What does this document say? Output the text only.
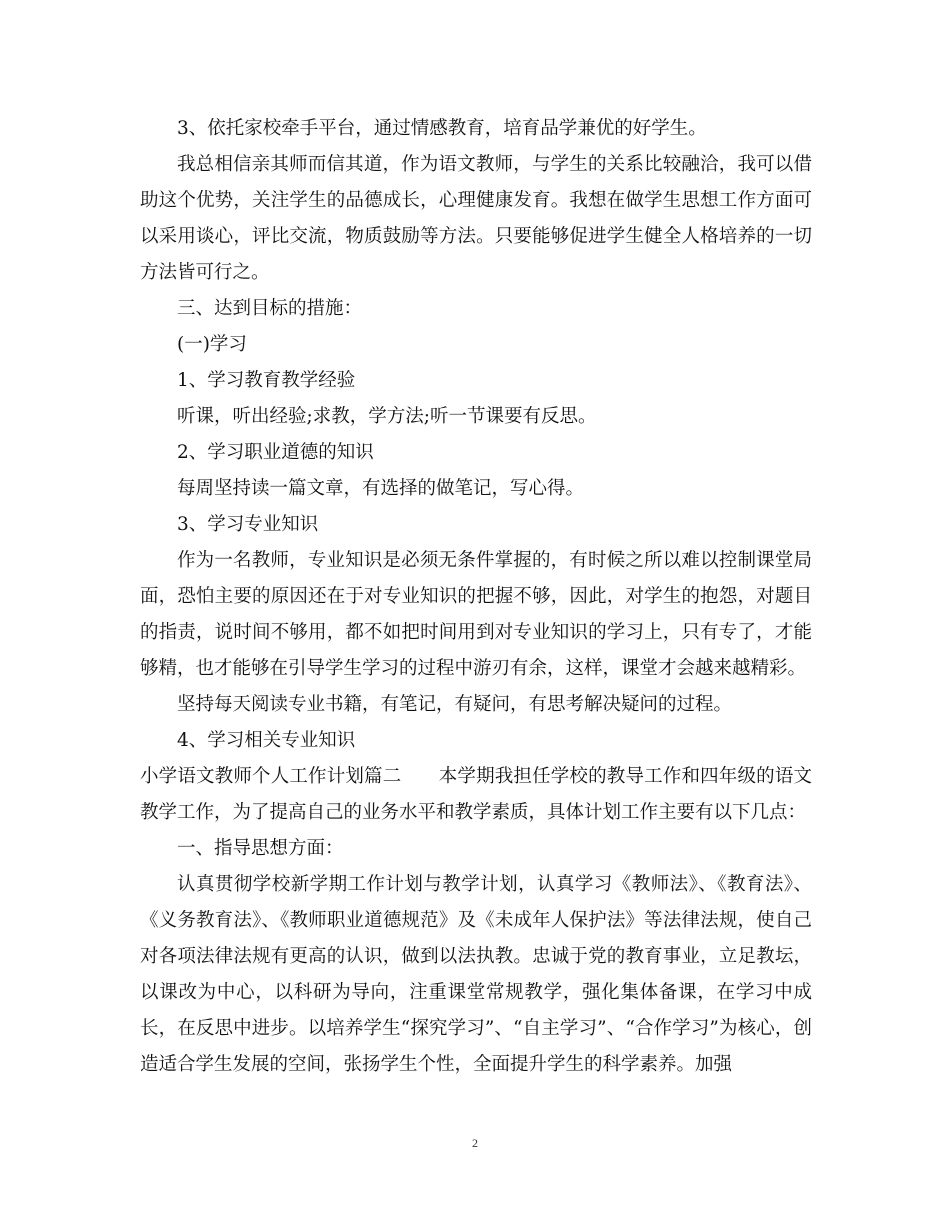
3、依托家校牵手平台，通过情感教育，培育品学兼优的好学生。

我总相信亲其师而信其道，作为语文教师，与学生的关系比较融洽，我可以借助这个优势，关注学生的品德成长，心理健康发育。我想在做学生思想工作方面可以采用谈心，评比交流，物质鼓励等方法。只要能够促进学生健全人格培养的一切方法皆可行之。

三、达到目标的措施：

(一)学习

1、学习教育教学经验

听课，听出经验;求教，学方法;听一节课要有反思。

2、学习职业道德的知识

每周坚持读一篇文章，有选择的做笔记，写心得。

3、学习专业知识

作为一名教师，专业知识是必须无条件掌握的，有时候之所以难以控制课堂局面，恐怕主要的原因还在于对专业知识的把握不够，因此，对学生的抱怨，对题目的指责，说时间不够用，都不如把时间用到对专业知识的学习上，只有专了，才能够精，也才能够在引导学生学习的过程中游刃有余，这样，课堂才会越来越精彩。

坚持每天阅读专业书籍，有笔记，有疑问，有思考解决疑问的过程。

4、学习相关专业知识

小学语文教师个人工作计划篇二　　本学期我担任学校的教导工作和四年级的语文教学工作，为了提高自己的业务水平和教学素质，具体计划工作主要有以下几点：

一、指导思想方面：

认真贯彻学校新学期工作计划与教学计划，认真学习《教师法》、《教育法》、《义务教育法》、《教师职业道德规范》及《未成年人保护法》等法律法规，使自己对各项法律法规有更高的认识，做到以法执教。忠诚于党的教育事业，立足教坛，以课改为中心，以科研为导向，注重课堂常规教学，强化集体备课，在学习中成长，在反思中进步。以培养学生“探究学习”、“自主学习”、“合作学习”为核心，创造适合学生发展的空间，张扬学生个性，全面提升学生的科学素养。加强

2
